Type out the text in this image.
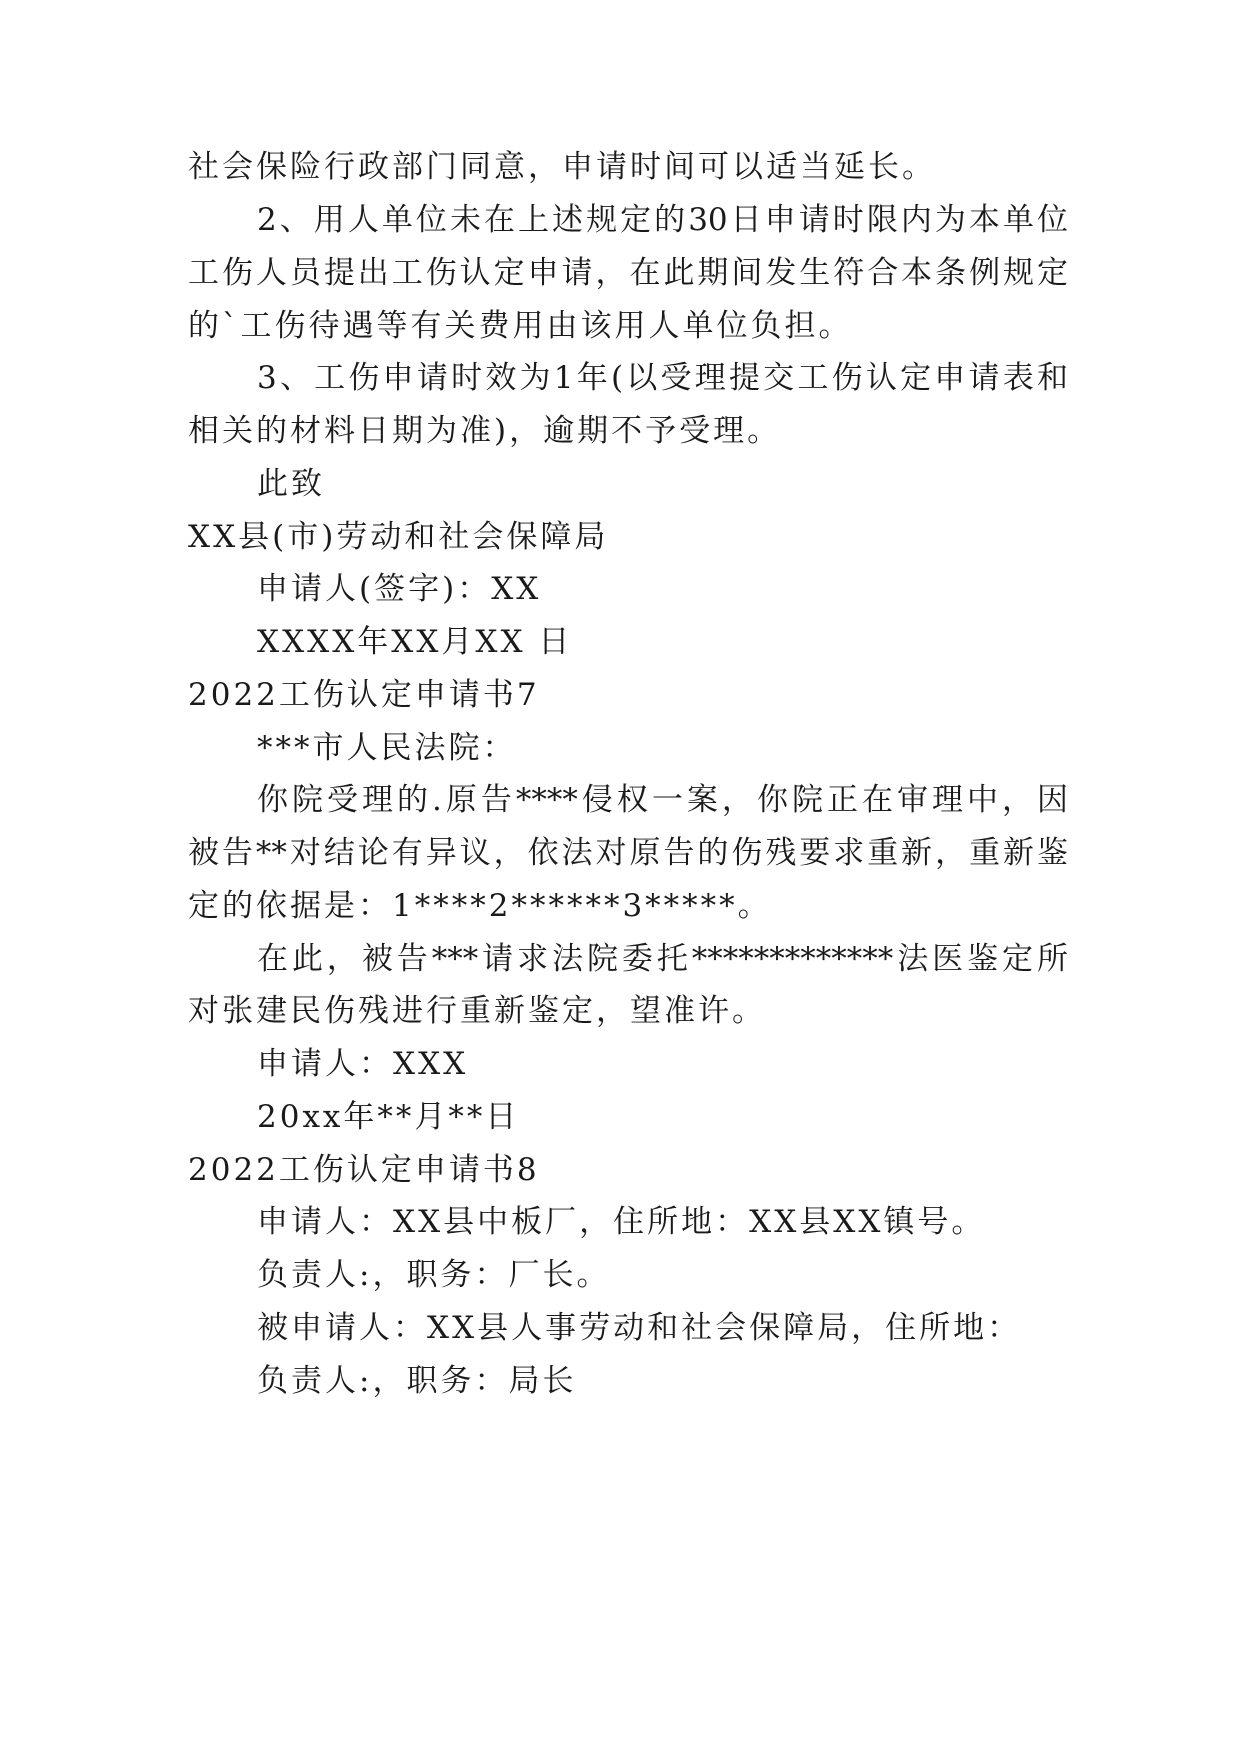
社会保险行政部门同意，申请时间可以适当延长。
2、用人单位未在上述规定的30日申请时限内为本单位
工伤人员提出工伤认定申请，在此期间发生符合本条例规定
的`工伤待遇等有关费用由该用人单位负担。
3、工伤申请时效为1年(以受理提交工伤认定申请表和
相关的材料日期为准)，逾期不予受理。
此致
XX县(市)劳动和社会保障局
申请人(签字)：XX
XXXX年XX月XX 日
2022工伤认定申请书7
***市人民法院：
你院受理的.原告****侵权一案，你院正在审理中，因
被告**对结论有异议，依法对原告的伤残要求重新，重新鉴
定的依据是：1****2******3*****。
在此，被告***请求法院委托*************法医鉴定所
对张建民伤残进行重新鉴定，望准许。
申请人：XXX
20xx年**月**日
2022工伤认定申请书8
申请人：XX县中板厂，住所地：XX县XX镇号。
负责人:，职务：厂长。
被申请人：XX县人事劳动和社会保障局，住所地：
负责人:，职务：局长
